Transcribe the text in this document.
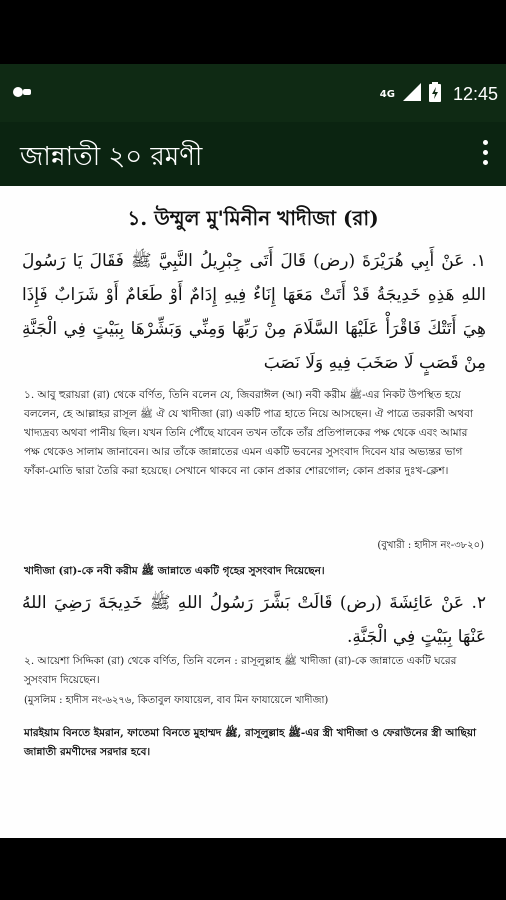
4G	12:45
জান্নাতী ২০ রমণী
১. উম্মুল মু'মিনীন খাদীজা (রা)
١. عَنْ أَبِي هُرَيْرَةَ (رض) قَالَ أَتَى جِبْرِيلُ النَّبِيَّ ﷺ فَقَالَ يَا رَسُولَ اللهِ هَذِهِ خَدِيجَةُ قَدْ أَتَتْ مَعَهَا إِنَاءٌ فِيهِ إِدَامٌ أَوْ طَعَامٌ أَوْ شَرَابٌ فَإِذَا هِيَ أَتَتْكَ فَاقْرَأْ عَلَيْهَا السَّلَامَ مِنْ رَبِّهَا وَمِنِّي وَبَشِّرْهَا بِبَيْتٍ فِي الْجَنَّةِ مِنْ قَصَبٍ لَا صَخَبَ فِيهِ وَلَا نَصَبَ
১. আবু হুরায়রা (রা) থেকে বর্ণিত, তিনি বলেন যে, জিবরাঈল (আ) নবী করীম ﷺ-এর নিকট উপস্থিত হয়ে বললেন, হে আল্লাহর রাসূল ﷺ ঐ যে খাদীজা (রা) একটি পাত্র হাতে নিয়ে আসছেন। ঐ পাত্রে তরকারী অথবা খাদ্যদ্রব্য অথবা পানীয় ছিল। যখন তিনি পৌঁছে যাবেন তখন তাঁকে তাঁর প্রতিপালকের পক্ষ থেকে এবং আমার পক্ষ থেকেও সালাম জানাবেন। আর তাঁকে জান্নাতের এমন একটি ভবনের সুসংবাদ দিবেন যার অভ্যন্তর ভাগ ফাঁকা-মোতি দ্বারা তৈরি করা হয়েছে। সেখানে থাকবে না কোন প্রকার শোরগোল; কোন প্রকার দুঃখ-ক্লেশ।
(বুখারী : হাদীস নং-৩৮২০)
খাদীজা (রা)-কে নবী করীম ﷺ জান্নাতে একটি গৃহের সুসংবাদ দিয়েছেন।
٢. عَنْ عَائِشَةَ (رض) قَالَتْ بَشَّرَ رَسُولُ اللهِ ﷺ خَدِيجَةَ رَضِيَ اللهُ عَنْهَا بِبَيْتٍ فِي الْجَنَّةِ.
২. আয়েশা সিদ্দিকা (রা) থেকে বর্ণিত, তিনি বলেন : রাসূলুল্লাহ ﷺ খাদীজা (রা)-কে জান্নাতে একটি ঘরের সুসংবাদ দিয়েছেন।
(মুসলিম : হাদীস নং-৬২৭৬, কিতাবুল ফাযায়েল, বাব মিন ফাযায়েলে খাদীজা)
মারইয়াম বিনতে ইমরান, ফাতেমা বিনতে মুহাম্মদ ﷺ, রাসূলুল্লাহ ﷺ-এর স্ত্রী খাদীজা ও ফেরাউনের স্ত্রী আছিয়া জান্নাতী রমণীদের সরদার হবে।
